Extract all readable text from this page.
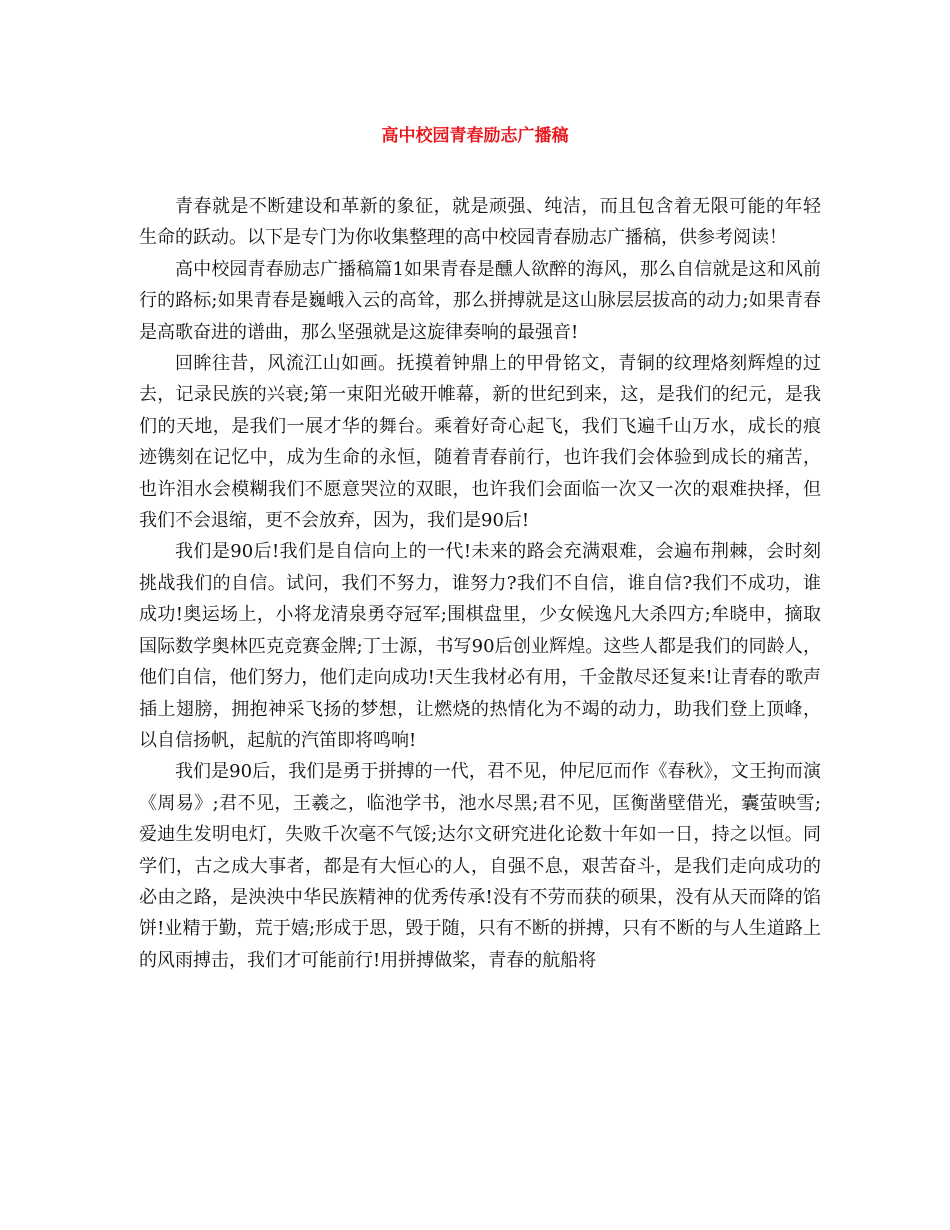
高中校园青春励志广播稿

青春就是不断建设和革新的象征，就是顽强、纯洁，而且包含着无限可能的年轻生命的跃动。以下是专门为你收集整理的高中校园青春励志广播稿，供参考阅读！

高中校园青春励志广播稿篇1如果青春是醺人欲醉的海风，那么自信就是这和风前行的路标;如果青春是巍峨入云的高耸，那么拼搏就是这山脉层层拔高的动力;如果青春是高歌奋进的谱曲，那么坚强就是这旋律奏响的最强音!

回眸往昔，风流江山如画。抚摸着钟鼎上的甲骨铭文，青铜的纹理烙刻辉煌的过去，记录民族的兴衰;第一束阳光破开帷幕，新的世纪到来，这，是我们的纪元，是我们的天地，是我们一展才华的舞台。乘着好奇心起飞，我们飞遍千山万水，成长的痕迹镌刻在记忆中，成为生命的永恒，随着青春前行，也许我们会体验到成长的痛苦，也许泪水会模糊我们不愿意哭泣的双眼，也许我们会面临一次又一次的艰难抉择，但我们不会退缩，更不会放弃，因为，我们是90后!

我们是90后!我们是自信向上的一代!未来的路会充满艰难，会遍布荆棘，会时刻挑战我们的自信。试问，我们不努力，谁努力?我们不自信，谁自信?我们不成功，谁成功!奥运场上，小将龙清泉勇夺冠军;围棋盘里，少女候逸凡大杀四方;牟晓申，摘取国际数学奥林匹克竞赛金牌;丁士源，书写90后创业辉煌。这些人都是我们的同龄人，他们自信，他们努力，他们走向成功!天生我材必有用，千金散尽还复来!让青春的歌声插上翅膀，拥抱神采飞扬的梦想，让燃烧的热情化为不竭的动力，助我们登上顶峰，以自信扬帆，起航的汽笛即将鸣响!

我们是90后，我们是勇于拼搏的一代，君不见，仲尼厄而作《春秋》，文王拘而演《周易》;君不见，王羲之，临池学书，池水尽黑;君不见，匡衡凿壁借光，囊萤映雪;爱迪生发明电灯，失败千次毫不气馁;达尔文研究进化论数十年如一日，持之以恒。同学们，古之成大事者，都是有大恒心的人，自强不息，艰苦奋斗，是我们走向成功的必由之路，是泱泱中华民族精神的优秀传承!没有不劳而获的硕果，没有从天而降的馅饼!业精于勤，荒于嬉;形成于思，毁于随，只有不断的拼搏，只有不断的与人生道路上的风雨搏击，我们才可能前行!用拼搏做桨，青春的航船将
